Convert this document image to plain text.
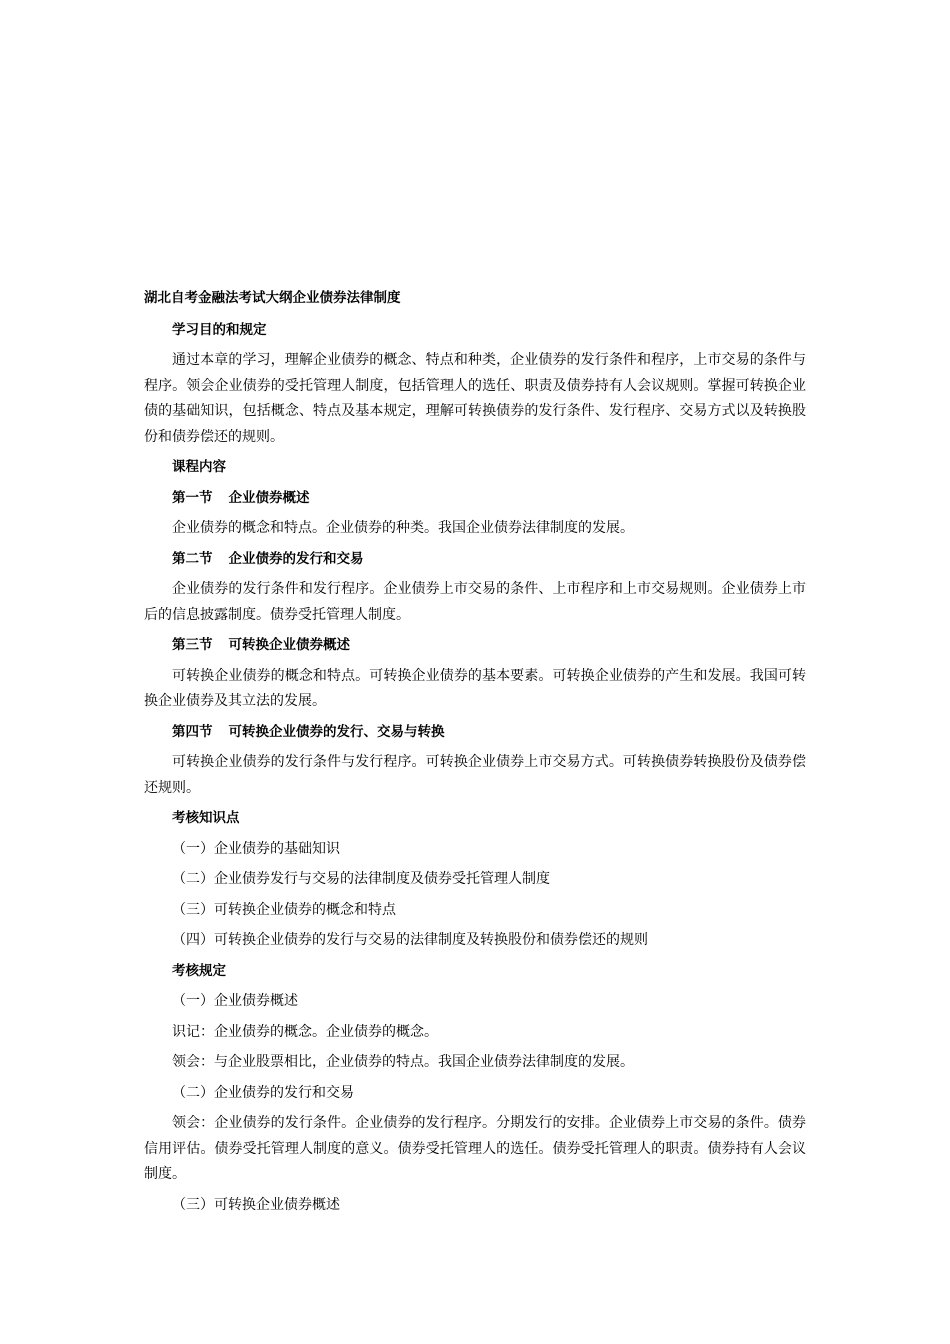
湖北自考金融法考试大纲企业债券法律制度

学习目的和规定

通过本章的学习，理解企业债券的概念、特点和种类，企业债券的发行条件和程序，上市交易的条件与程序。领会企业债券的受托管理人制度，包括管理人的选任、职责及债券持有人会议规则。掌握可转换企业债的基础知识，包括概念、特点及基本规定，理解可转换债券的发行条件、发行程序、交易方式以及转换股份和债券偿还的规则。

课程内容

第一节 企业债券概述

企业债券的概念和特点。企业债券的种类。我国企业债券法律制度的发展。

第二节 企业债券的发行和交易

企业债券的发行条件和发行程序。企业债券上市交易的条件、上市程序和上市交易规则。企业债券上市后的信息披露制度。债券受托管理人制度。

第三节 可转换企业债券概述

可转换企业债券的概念和特点。可转换企业债券的基本要素。可转换企业债券的产生和发展。我国可转换企业债券及其立法的发展。

第四节 可转换企业债券的发行、交易与转换

可转换企业债券的发行条件与发行程序。可转换企业债券上市交易方式。可转换债券转换股份及债券偿还规则。

考核知识点

（一）企业债券的基础知识

（二）企业债券发行与交易的法律制度及债券受托管理人制度

（三）可转换企业债券的概念和特点

（四）可转换企业债券的发行与交易的法律制度及转换股份和债券偿还的规则

考核规定

（一）企业债券概述

识记：企业债券的概念。企业债券的概念。

领会：与企业股票相比，企业债券的特点。我国企业债券法律制度的发展。

（二）企业债券的发行和交易

领会：企业债券的发行条件。企业债券的发行程序。分期发行的安排。企业债券上市交易的条件。债券信用评估。债券受托管理人制度的意义。债券受托管理人的选任。债券受托管理人的职责。债券持有人会议制度。

（三）可转换企业债券概述
